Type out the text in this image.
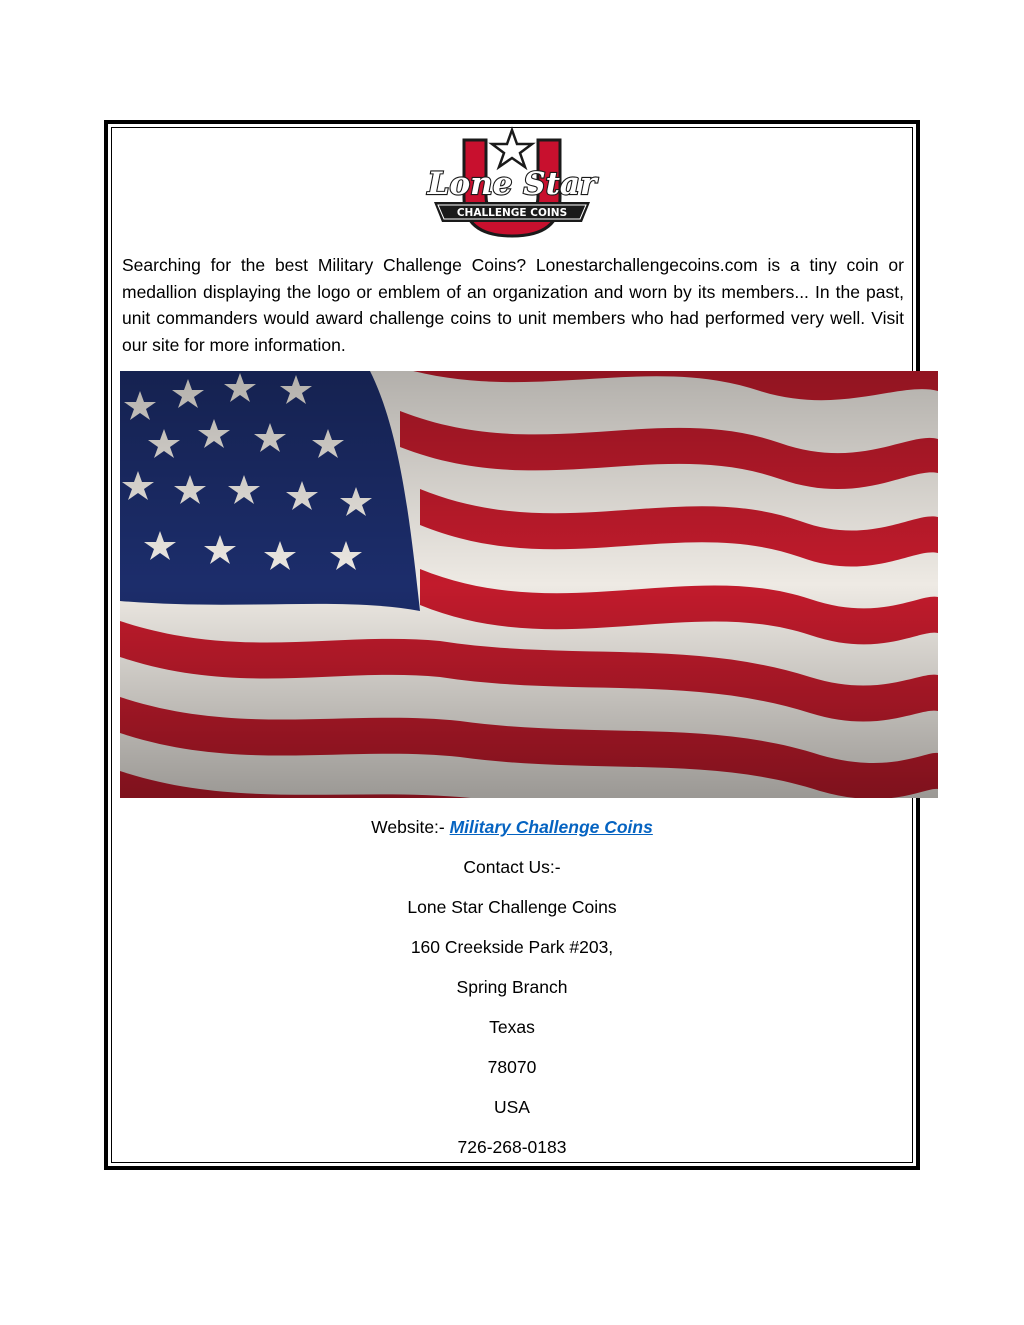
Lone Star
CHALLENGE COINS

Searching for the best Military Challenge Coins? Lonestarchallengecoins.com is a tiny coin or medallion displaying the logo or emblem of an organization and worn by its members... In the past, unit commanders would award challenge coins to unit members who had performed very well. Visit our site for more information.

Website:- Military Challenge Coins
Contact Us:-
Lone Star Challenge Coins
160 Creekside Park #203,
Spring Branch
Texas
78070
USA
726-268-0183
